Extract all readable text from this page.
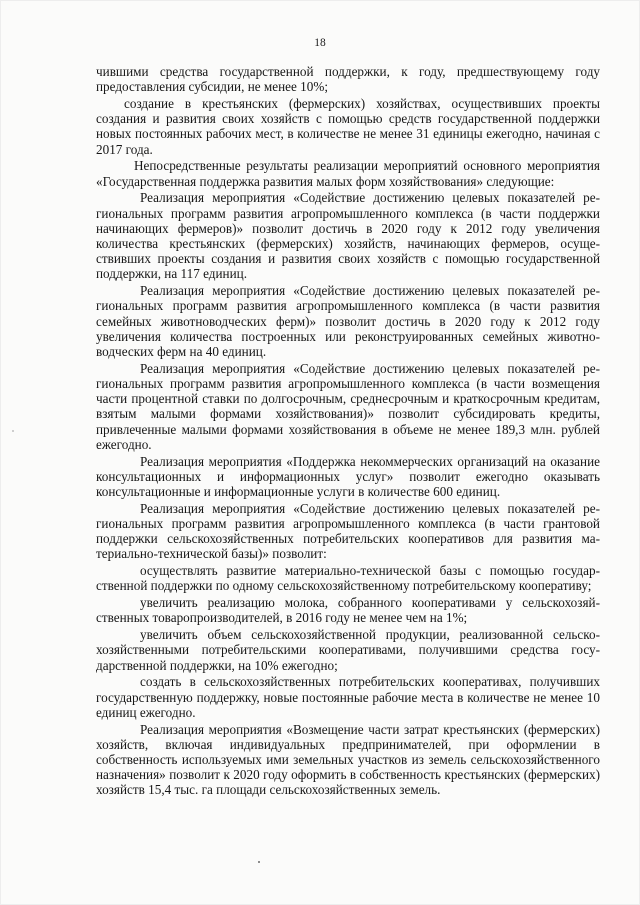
18

чившими средства государственной поддержки, к году, предшествующему году предоставления субсидии, не менее 10%;

создание в крестьянских (фермерских) хозяйствах, осуществивших проекты создания и развития своих хозяйств с помощью средств государственной поддержки новых постоянных рабочих мест, в количестве не менее 31 единицы ежегодно, начиная с 2017 года.

Непосредственные результаты реализации мероприятий основного мероприятия «Государственная поддержка развития малых форм хозяйствования» следующие:

Реализация мероприятия «Содействие достижению целевых показателей региональных программ развития агропромышленного комплекса (в части поддержки начинающих фермеров)» позволит достичь в 2020 году к 2012 году увеличения количества крестьянских (фермерских) хозяйств, начинающих фермеров, осуществивших проекты создания и развития своих хозяйств с помощью государственной поддержки, на 117 единиц.

Реализация мероприятия «Содействие достижению целевых показателей региональных программ развития агропромышленного комплекса (в части развития семейных животноводческих ферм)» позволит достичь в 2020 году к 2012 году увеличения количества построенных или реконструированных семейных животноводческих ферм на 40 единиц.

Реализация мероприятия «Содействие достижению целевых показателей региональных программ развития агропромышленного комплекса (в части возмещения части процентной ставки по долгосрочным, среднесрочным и краткосрочным кредитам, взятым малыми формами хозяйствования)» позволит субсидировать кредиты, привлеченные малыми формами хозяйствования в объеме не менее 189,3 млн. рублей ежегодно.

Реализация мероприятия «Поддержка некоммерческих организаций на оказание консультационных и информационных услуг» позволит ежегодно оказывать консультационные и информационные услуги в количестве 600 единиц.

Реализация мероприятия «Содействие достижению целевых показателей региональных программ развития агропромышленного комплекса (в части грантовой поддержки сельскохозяйственных потребительских кооперативов для развития материально-технической базы)» позволит:

осуществлять развитие материально-технической базы с помощью государственной поддержки по одному сельскохозяйственному потребительскому кооперативу;

увеличить реализацию молока, собранного кооперативами у сельскохозяйственных товаропроизводителей, в 2016 году не менее чем на 1%;

увеличить объем сельскохозяйственной продукции, реализованной сельскохозяйственными потребительскими кооперативами, получившими средства государственной поддержки, на 10% ежегодно;

создать в сельскохозяйственных потребительских кооперативах, получивших государственную поддержку, новые постоянные рабочие места в количестве не менее 10 единиц ежегодно.

Реализация мероприятия «Возмещение части затрат крестьянских (фермерских) хозяйств, включая индивидуальных предпринимателей, при оформлении в собственность используемых ими земельных участков из земель сельскохозяйственного назначения» позволит к 2020 году оформить в собственность крестьянских (фермерских) хозяйств 15,4 тыс. га площади сельскохозяйственных земель.
